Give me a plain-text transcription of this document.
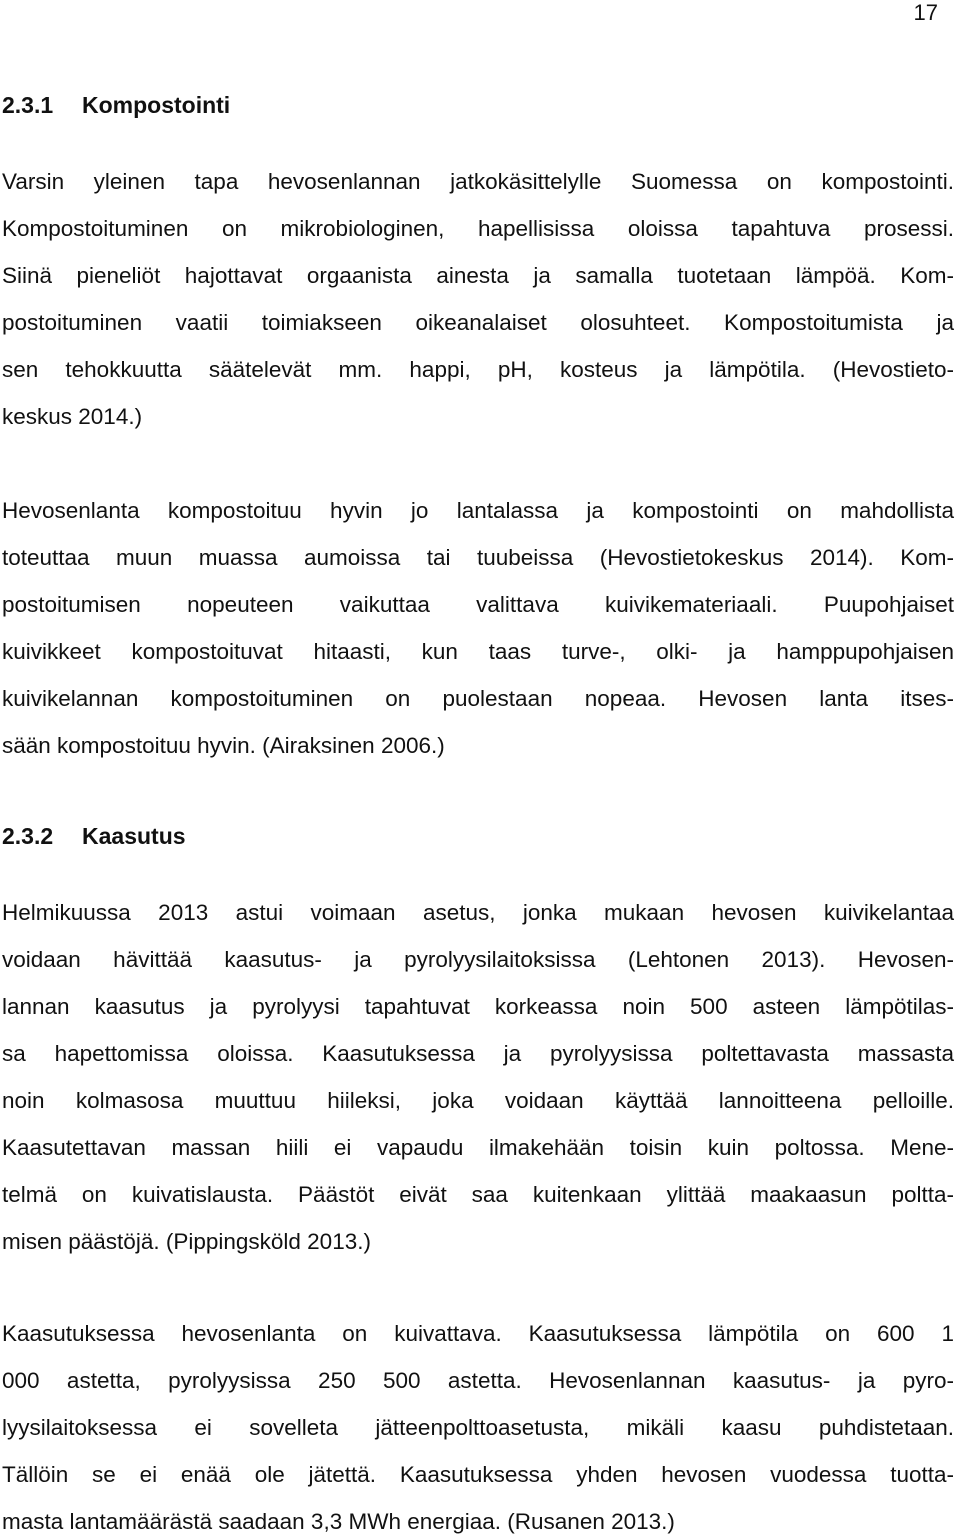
17
2.3.1 Kompostointi
Varsin yleinen tapa hevosenlannan jatkokäsittelylle Suomessa on kompostointi.
Kompostoituminen on mikrobiologinen, hapellisissa oloissa tapahtuva prosessi.
Siinä pieneliöt hajottavat orgaanista ainesta ja samalla tuotetaan lämpöä. Kom-
postoituminen vaatii toimiakseen oikeanalaiset olosuhteet. Kompostoitumista ja
sen tehokkuutta säätelevät mm. happi, pH, kosteus ja lämpötila. (Hevostieto-
keskus 2014.)
Hevosenlanta kompostoituu hyvin jo lantalassa ja kompostointi on mahdollista
toteuttaa muun muassa aumoissa tai tuubeissa (Hevostietokeskus 2014). Kom-
postoitumisen nopeuteen vaikuttaa valittava kuivikemateriaali. Puupohjaiset
kuivikkeet kompostoituvat hitaasti, kun taas turve-, olki- ja hamppupohjaisen
kuivikelannan kompostoituminen on puolestaan nopeaa. Hevosen lanta itses-
sään kompostoituu hyvin. (Airaksinen 2006.)
2.3.2 Kaasutus
Helmikuussa 2013 astui voimaan asetus, jonka mukaan hevosen kuivikelantaa
voidaan hävittää kaasutus- ja pyrolyysilaitoksissa (Lehtonen 2013). Hevosen-
lannan kaasutus ja pyrolyysi tapahtuvat korkeassa noin 500 asteen lämpötilas-
sa hapettomissa oloissa. Kaasutuksessa ja pyrolyysissa poltettavasta massasta
noin kolmasosa muuttuu hiileksi, joka voidaan käyttää lannoitteena pelloille.
Kaasutettavan massan hiili ei vapaudu ilmakehään toisin kuin poltossa. Mene-
telmä on kuivatislausta. Päästöt eivät saa kuitenkaan ylittää maakaasun poltta-
misen päästöjä. (Pippingsköld 2013.)
Kaasutuksessa hevosenlanta on kuivattava. Kaasutuksessa lämpötila on 600 1
000 astetta, pyrolyysissa 250 500 astetta. Hevosenlannan kaasutus- ja pyro-
lyysilaitoksessa ei sovelleta jätteenpolttoasetusta, mikäli kaasu puhdistetaan.
Tällöin se ei enää ole jätettä. Kaasutuksessa yhden hevosen vuodessa tuotta-
masta lantamäärästä saadaan 3,3 MWh energiaa. (Rusanen 2013.)
